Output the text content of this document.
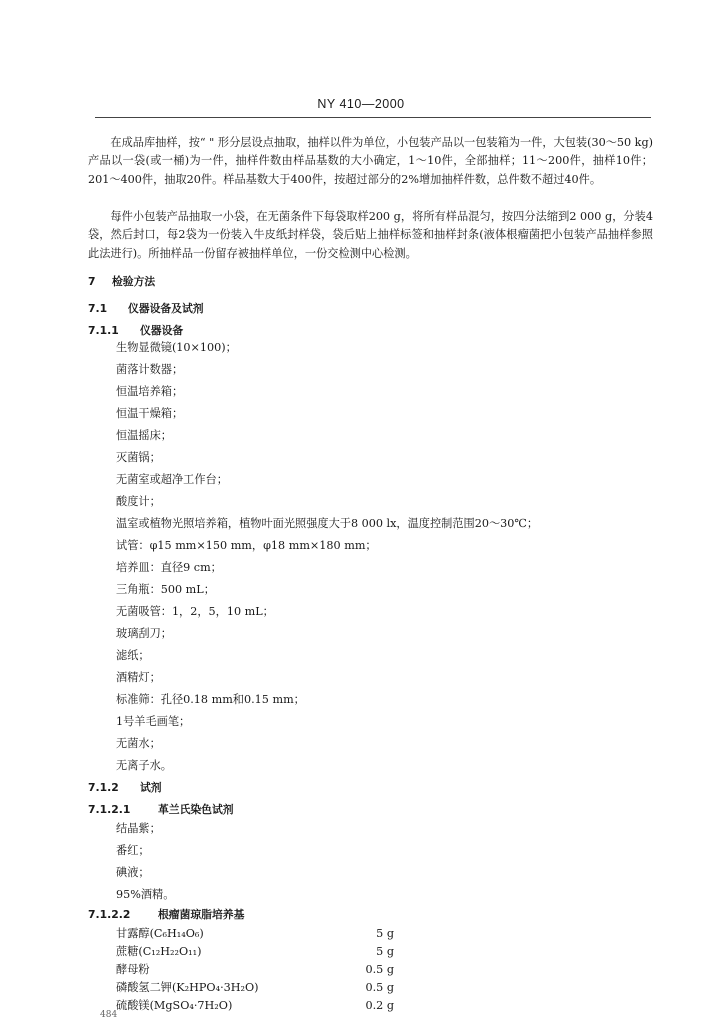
NY 410—2000
在成品库抽样，按“ " 形分层设点抽取，抽样以件为单位，小包装产品以一包装箱为一件，大包装(30～50 kg)产品以一袋(或一桶)为一件，抽样件数由样品基数的大小确定，1～10件，全部抽样；11～200件，抽样10件；201～400件，抽取20件。样品基数大于400件，按超过部分的2%增加抽样件数，总件数不超过40件。
每件小包装产品抽取一小袋，在无菌条件下每袋取样200 g，将所有样品混匀，按四分法缩到2 000 g，分装4袋，然后封口，每2袋为一份装入牛皮纸封样袋，袋后贴上抽样标签和抽样封条(液体根瘤菌把小包装产品抽样参照此法进行)。所抽样品一份留存被抽样单位，一份交检测中心检测。
7 检验方法
7.1 仪器设备及试剂
7.1.1 仪器设备
生物显微镜(10×100)；
菌落计数器；
恒温培养箱；
恒温干燥箱；
恒温摇床；
灭菌锅；
无菌室或超净工作台；
酸度计；
温室或植物光照培养箱，植物叶面光照强度大于8 000 lx，温度控制范围20～30℃；
试管：φ15 mm×150 mm，φ18 mm×180 mm；
培养皿：直径9 cm；
三角瓶：500 mL；
无菌吸管：1，2，5，10 mL；
玻璃刮刀；
滤纸；
酒精灯；
标准筛：孔径0.18 mm和0.15 mm；
1号羊毛画笔；
无菌水；
无离子水。
7.1.2 试剂
7.1.2.1	革兰氏染色试剂
结晶紫；
番红；
碘液；
95%酒精。
7.1.2.2	根瘤菌琼脂培养基
甘露醇(C₆H₁₄O₆)	5 g
蔗糖(C₁₂H₂₂O₁₁)	5 g
酵母粉	0.5 g
磷酸氢二钾(K₂HPO₄·3H₂O)	0.5 g
硫酸镁(MgSO₄·7H₂O)	0.2 g
484
